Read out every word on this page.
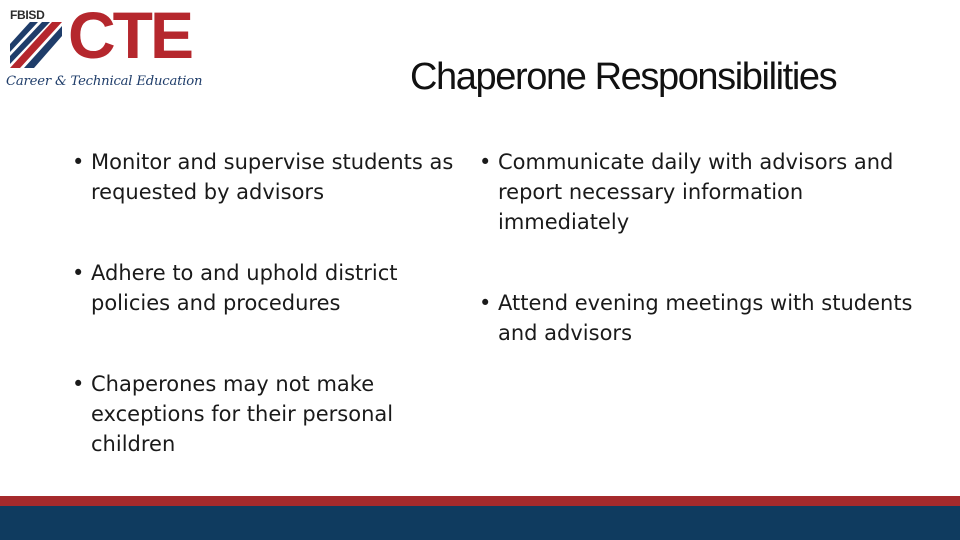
FBISD CTE
Career & Technical Education	Chaperone Responsibilities
• Monitor and supervise students as requested by advisors
• Adhere to and uphold district policies and procedures
• Chaperones may not make exceptions for their personal children
• Communicate daily with advisors and report necessary information immediately
• Attend evening meetings with students and advisors
